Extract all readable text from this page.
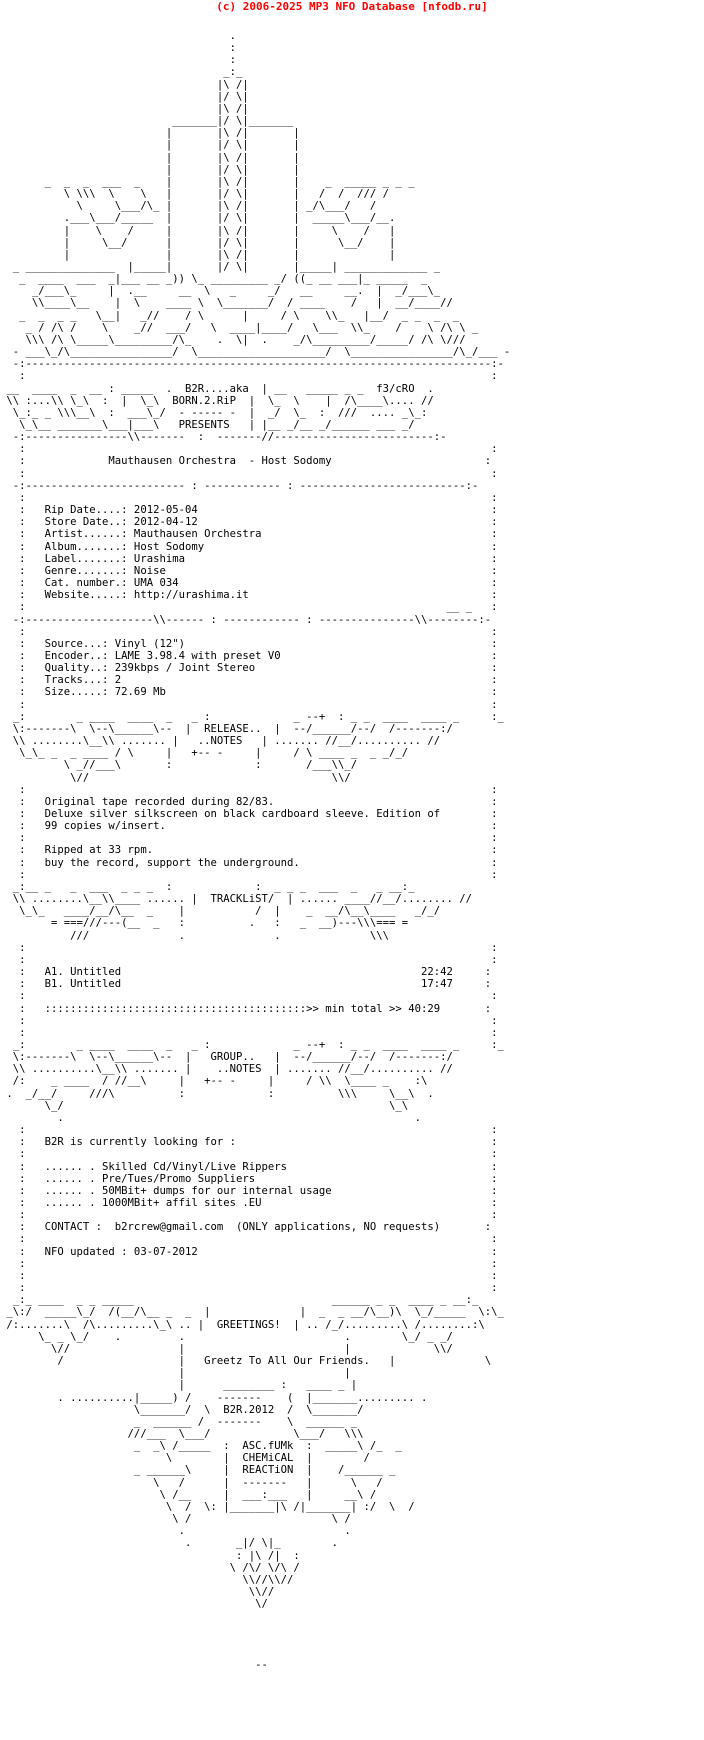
(c) 2006-2025 MP3 NFO Database [nfodb.ru]
.
:
:
_:_
|\ /|
|/ \|
|\ /|
_______|/ \|_______
|       |\ /|       |
|       |/ \|       |
|       |\ /|       |
|       |/ \|       |
_  _  _  ___  _    |       |\ /|       |    _  _____ _ _ _
\ \\\  \    \   |       |/ \|       |   /  /  /// /
\     \___/\_ |       |\ /|       | _/\___/   /
.___\___/_____  |       |/ \|       |  _____\___/__.
|    \    /     |       |\ /|       |     \    /   |
|     \__/      |       |/ \|       |      \__/    |
|               |       |\ /|       |              |
_ ______________  |_____|       |/ \|       |_____| _____________ _
_  ____  ___  _|___ __ _)) \_ _________ _/ ((_ __ ___|_ _____  _
_/___\_     |  .__     __  \   _     _/   __     __.  |  _/___\_
\\____\__    |  \    ____ \  \_______/  / ____    /   |  __/____//
_  _  _ _   \__|   _//    / \      |     / \    \\_   |__/  _ _  _  _
_ / /\ /    \    _//  ___/   \  ____|____/   \___  \\_    /    \ /\ \ _
\\\ /\ \_____\_________/\_    .  \|  .    _/\_________/_____/ /\ \///
- ___\_/\________________/  \____________________/  \________________/\_/___ -
-:-------------------------------------------------------------------------:-
:                                                                         :
__  ____  _  __ : _____  .  B2R....aka  | __   _____ _ _  f3/cRO  .
\\ :...\\ \_\  :  |  \_\  BORN.2.RiP  |  \_  \    |  /\____\.... //
\_:_ _ \\\__\  :  ___\_/  - ----- -  |  _/  \_  :  ///  .... _\_:
\_\__ _______\___|___\   PRESENTS   | |__ _/__ _/______ ___ _/
-:----------------\\-------  :  -------//-------------------------:-
:                                                                         :
:             Mauthausen Orchestra  - Host Sodomy                        :
:                                                                         :
-:------------------------- : ------------ : --------------------------:-
:                                                                         :
:   Rip Date....: 2012-05-04                                              :
:   Store Date..: 2012-04-12                                              :
:   Artist......: Mauthausen Orchestra                                    :
:   Album.......: Host Sodomy                                             :
:   Label.......: Urashima                                                :
:   Genre.......: Noise                                                   :
:   Cat. number.: UMA 034                                                 :
:   Website.....: http://urashima.it                                      :
:                                                                  __ _   :
-:--------------------\\------ : ------------ : ---------------\\--------:-
:                                                                         :
:   Source...: Vinyl (12")                                                :
:   Encoder..: LAME 3.98.4 with preset V0                                 :
:   Quality..: 239kbps / Joint Stereo                                     :
:   Tracks...: 2                                                          :
:   Size.....: 72.69 Mb                                                   :
:                                                                         :
_:        _ ____  ____  _   _ :             _ --+  : _ _  ____  ____ _     :_
\:-------\  \--\______\--  |  RELEASE..  |  --/______/--/  /-------:/
\\ ........\__\\ ....... |   ..NOTES   | ....... //__/.......... //
\_\_ _  _ ____ / \     |   +-- -     |     / \ ____ _  _ _/_/
\ _//___\       :             :       /___\\_/
\//                                      \\/
:                                                                         :
:   Original tape recorded during 82/83.                                  :
:   Deluxe silver silkscreen on black cardboard sleeve. Edition of        :
:   99 copies w/insert.                                                   :
:                                                                         :
:   Ripped at 33 rpm.                                                     :
:   buy the record, support the underground.                              :
:                                                                         :
_:__ _   _  ___  _ _ _  :             :  _ _ _  ___  _   _ __:_
\\ ........\__\\____ ...... |  TRACKLiST/  | ...... ____//__/........ //
\_\_   ____/__/\__  _    |           /  |    _  __/\__\____   _/_/
= ===///---(__  _   :          .   :   _  __)---\\\=== =
///              .              .              \\\
:                                                                         :
:                                                                         :
:   A1. Untitled                                               22:42     :
:   B1. Untitled                                               17:47     :
:                                                                         :
:   :::::::::::::::::::::::::::::::::::::::::>> min total >> 40:29       :
:                                                                         :
:                                                                         :
_:        _ ____  ____  _   _ :             _ --+  : _ _  ____  ____ _     :_
\:-------\  \--\______\--  |   GROUP..   |  --/______/--/  /-------:/
\\ ..........\__\\ ....... |    ..NOTES  | ....... //__/.......... //
/:    _ ____  / //__\     |   +-- -     |     / \\  \____ _    :\
.  _/__/     ///\          :             :          \\\     \__\  .
\_/                                                   \_\
.                                                       .
:                                                                         :
:   B2R is currently looking for :                                        :
:                                                                         :
:   ...... . Skilled Cd/Vinyl/Live Rippers                                :
:   ...... . Pre/Tues/Promo Suppliers                                     :
:   ...... . 50MBit+ dumps for our internal usage                         :
:   ...... . 1000MBit+ affil sites .EU                                    :
:                                                                         :
:   CONTACT :  b2rcrew@gmail.com  (ONLY applications, NO requests)       :
:                                                                         :
:   NFO updated : 03-07-2012                                              :
:                                                                         :
:                                                                         :
:                                                                         :
_:_ ____  _ _ _____                               ______ _ _  ____ _ __:_
_\:/  _____\_/  /(__/\__ _  _  |              |  _  _ __/\__)\  \_/_____  \:\_
/:.......\  /\.........\_\ .. |  GREETINGS!  | .. /_/.........\ /........:\
\_ _ \_/    .         .                         .        \_/ _ _/
\//                 |                         |             \\/
/                  |   Greetz To All Our Friends.   |              \
|                         |
|      ________ :   ____ _ |
. ..........|_____) /    -------    (  |_______......... .
\_______/  \  B2R.2012  /  \_______/
_  ______ /  -------    \  ______ _
///___  \___/             \___/   \\\
_  _\ /_____  :  ASC.fUMk  :  _____\ /_  _
\        |  CHEMiCAL  |        /
_ ______\     |  REACTiON  |    /______ _
\   /      |  -------   |      \   /
\ /__     |  ___:___   |     __\ /
\  /  \: |_______|\ /|_______| :/  \  /
\ /                      \ /
.                         .
.       _|/ \|_        .
: |\ /|  :
\ /\/ \/\ /
\\//\\//
\\//
\/

--
